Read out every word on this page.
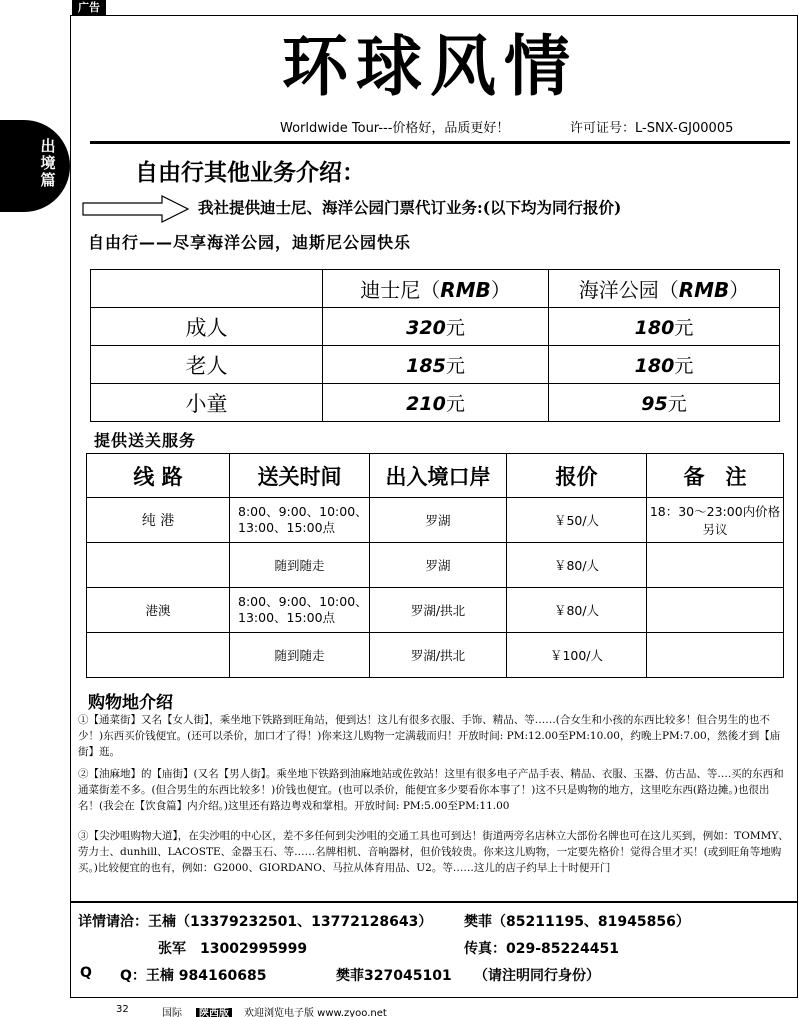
广告
出境篇
环球风情
Worldwide Tour---价格好，品质更好！	许可证号：L-SNX-GJ00005
自由行其他业务介绍：
我社提供迪士尼、海洋公园门票代订业务:(以下均为同行报价)
自由行——尽享海洋公园，迪斯尼公园快乐
	迪士尼（RMB）	海洋公园（RMB）
成人	320元	180元
老人	185元	180元
小童	210元	95元
提供送关服务
线 路	送关时间	出入境口岸	报价	备　注
纯 港	8:00、9:00、10:00、13:00、15:00点	罗湖	￥50/人	18：30～23:00内价格另议
	随到随走	罗湖	￥80/人	
港澳	8:00、9:00、10:00、13:00、15:00点	罗湖/拱北	￥80/人	
	随到随走	罗湖/拱北	￥100/人	
购物地介绍
①【通菜街】又名【女人街】，乘坐地下铁路到旺角站，便到达！这儿有很多衣服、手饰、精品、等……(合女生和小孩的东西比较多！但合男生的也不少！)东西买价钱便宜。(还可以杀价，加口才了得！)你来这儿购物一定满载而归！开放时间: PM:12.00至PM:10.00，约晚上PM:7.00，然後才到【庙街】逛。
②【油麻地】的【庙街】(又名【男人街】。乘坐地下铁路到油麻地站或佐敦站！这里有很多电子产品手表、精品、衣服、玉器、仿古品、等….买的东西和通菜街差不多。(但合男生的东西比较多！)价钱也便宜。(也可以杀价，能便宜多少要看你本事了！)这不只是购物的地方，这里吃东西(路边摊。)也很出名！(我会在【饮食篇】内介绍。)这里还有路边粤戏和掌相。开放时间: PM:5.00至PM:11.00
③【尖沙咀购物大道】，在尖沙咀的中心区，差不多任何到尖沙咀的交通工具也可到达！街道两旁名店林立大部份名牌也可在这儿买到，例如：TOMMY、劳力士、dunhill、LACOSTE、金器玉石、等……名牌相机、音响器材，但价钱较贵。你来这儿购物，一定要先格价！觉得合里才买！(或到旺角等地购买。)比较便宜的也有，例如：G2000、GIORDANO、马拉从体育用品、U2。等……这儿的店子约早上十时便开门
详情请洽：王楠（13379232501、13772128643） 樊菲（85211195、81945856）
张军　13002995999	传真：029-85224451
Q Q：王楠 984160685	樊菲327045101 （请注明同行身份）
32	国际	陕西版	欢迎浏览电子版 www.zyoo.net
